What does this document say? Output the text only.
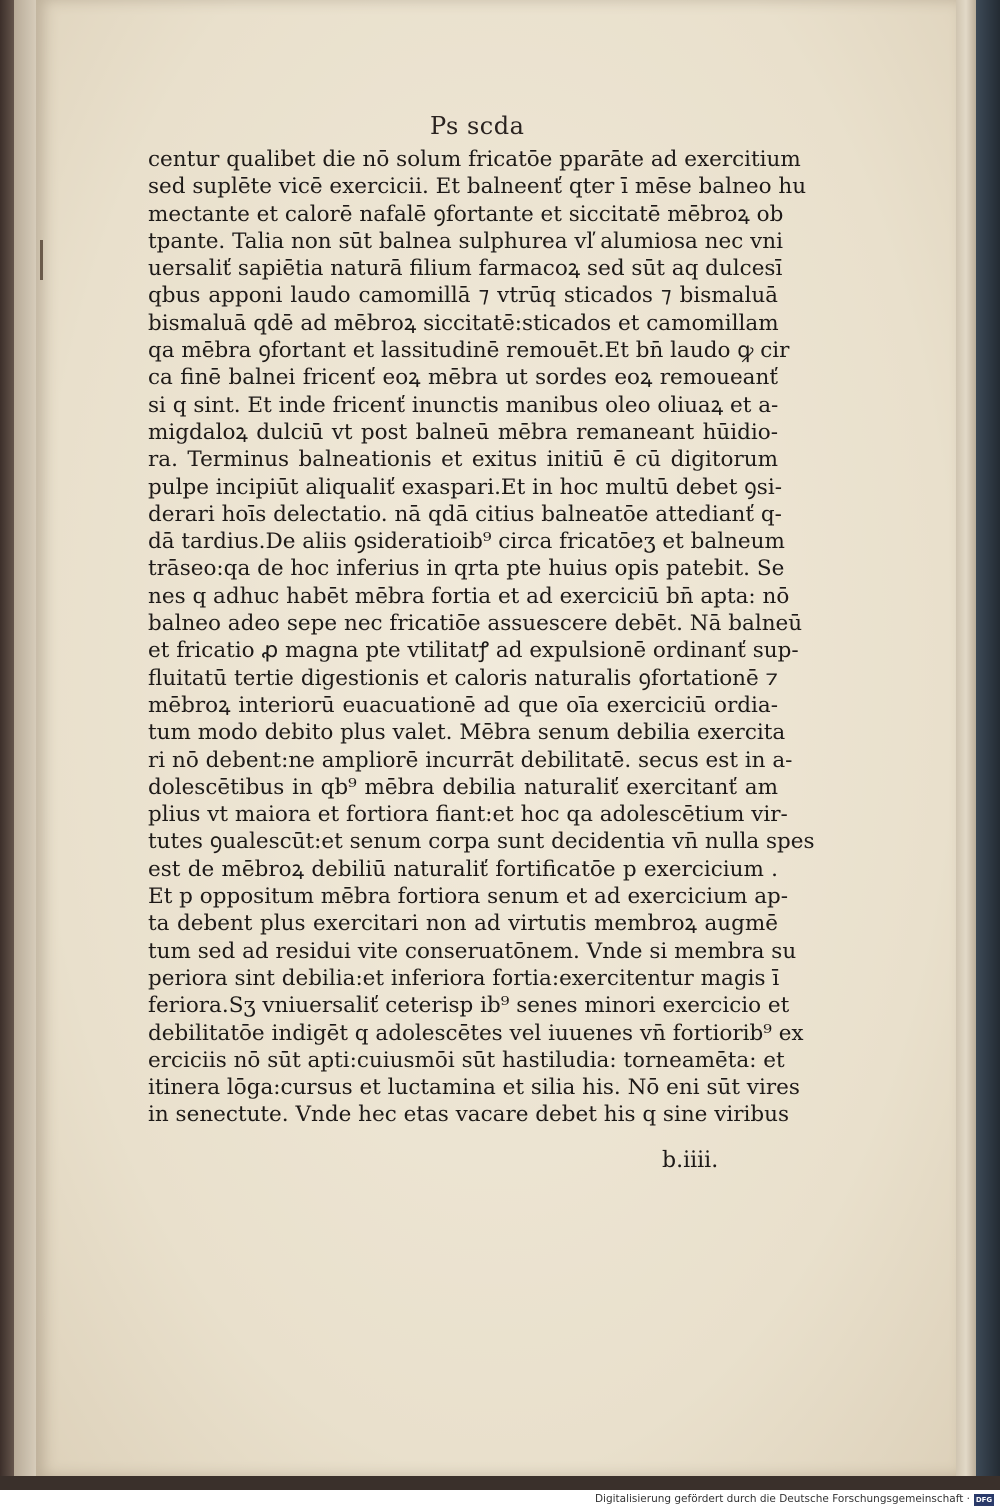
Ps scda
centur qualibet die nō solum fricatōe pparāte ad exercitium
sed suplēte vicē exercicii. Et balneenť qter ī mēse balneo hu
mectante et calorē nafalē ꝯfortante et siccitatē mēbroꝝ ob
tpante. Talia non sūt balnea sulphurea vľ alumiosa nec vni
uersaliť sapiētia naturā filium farmacoꝝ sed sūt aq dulcesī
qbus apponi laudo camomillā ⁊ vtrūq sticados ⁊ bismaluā
bismaluā qdē ad mēbroꝝ siccitatē:sticados et camomillam
qa mēbra ꝯfortant et lassitudinē remouēt.Et bn̄ laudo ꝙ cir
ca finē balnei fricenť eoꝝ mēbra ut sordes eoꝝ remoueanť
si q sint. Et inde fricenť inunctis manibus oleo oliuaꝝ et a-
migdaloꝝ dulciū vt post balneū mēbra remaneant hūidio-
ra. Terminus balneationis et exitus initiū ē cū digitorum
pulpe incipiūt aliqualiť exaspari.Et in hoc multū debet ꝯsi-
derari hoīs delectatio. nā qdā citius balneatōe attedianť q-
dā tardius.De aliis ꝯsideratioib⁹ circa fricatōeʒ et balneum
trāseo:qa de hoc inferius in qrta pte huius opis patebit. Se
nes q adhuc habēt mēbra fortia et ad exerciciū bn̄ apta: nō
balneo adeo sepe nec fricatiōe assuescere debēt. Nā balneū
et fricatio ꝓ magna pte vtilitatꝭ ad expulsionē ordinanť sup-
fluitatū tertie digestionis et caloris naturalis ꝯfortationē ⁊
mēbroꝝ interiorū euacuationē ad que oīa exerciciū ordia-
tum modo debito plus valet. Mēbra senum debilia exercita
ri nō debent:ne ampliorē incurrāt debilitatē. secus est in a-
dolescētibus in qb⁹ mēbra debilia naturaliť exercitanť am
plius vt maiora et fortiora fiant:et hoc qa adolescētium vir-
tutes ꝯualescūt:et senum corpa sunt decidentia vn̄ nulla spes
est de mēbroꝝ debiliū naturaliť fortificatōe p exercicium .
Et p oppositum mēbra fortiora senum et ad exercicium ap-
ta debent plus exercitari non ad virtutis membroꝝ augmē
tum sed ad residui vite conseruatōnem. Vnde si membra su
periora sint debilia:et inferiora fortia:exercitentur magis ī
feriora.Sʒ vniuersaliť ceterisp ib⁹ senes minori exercicio et
debilitatōe indigēt q adolescētes vel iuuenes vn̄ fortiorib⁹ ex
erciciis nō sūt apti:cuiusmōi sūt hastiludia: torneamēta: et
itinera lōga:cursus et luctamina et silia his. Nō eni sūt vires
in senectute. Vnde hec etas vacare debet his q sine viribus
b.iiii.
Digitalisierung gefördert durch die Deutsche Forschungsgemeinschaft · DFG
